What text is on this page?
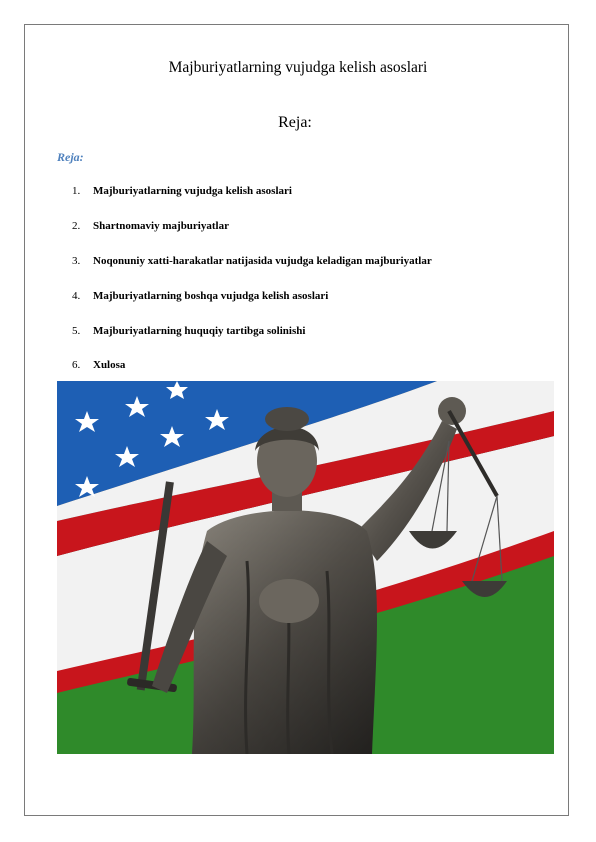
Majburiyatlarning vujudga kelish asoslari
Reja:
Reja:
1. Majburiyatlarning vujudga kelish asoslari
2. Shartnomaviy majburiyatlar
3. Noqonuniy xatti-harakatlar natijasida vujudga keladigan majburiyatlar
4. Majburiyatlarning boshqa vujudga kelish asoslari
5. Majburiyatlarning huquqiy tartibga solinishi
6. Xulosa
